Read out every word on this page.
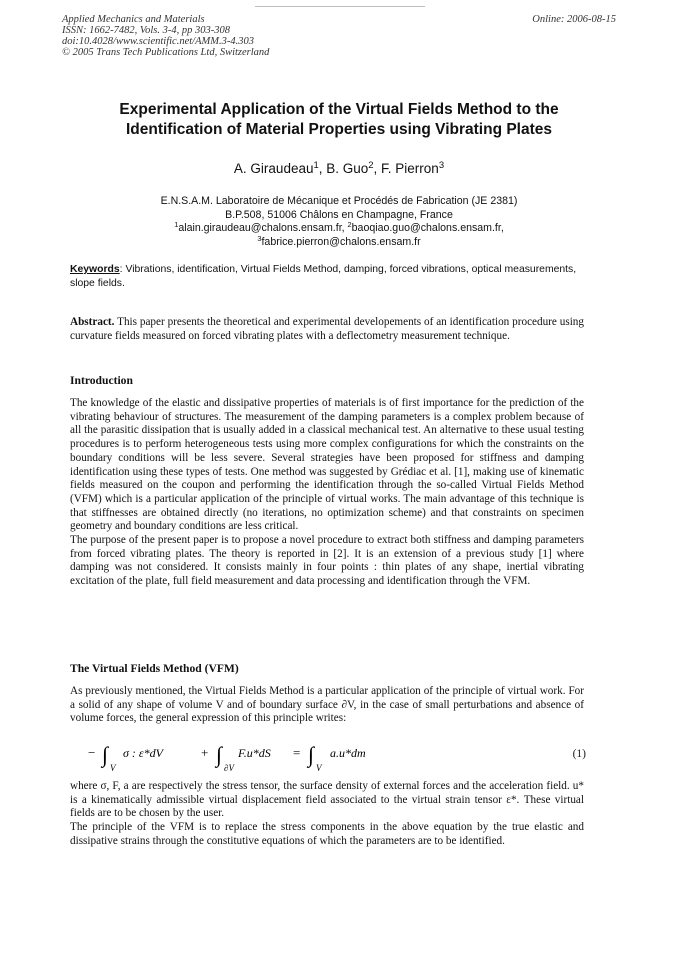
Applied Mechanics and Materials
ISSN: 1662-7482, Vols. 3-4, pp 303-308
doi:10.4028/www.scientific.net/AMM.3-4.303
© 2005 Trans Tech Publications Ltd, Switzerland
Online: 2006-08-15
Experimental Application of the Virtual Fields Method to the
Identification of Material Properties using Vibrating Plates
A. Giraudeau$^1$, B. Guo$^2$, F. Pierron$^3$
E.N.S.A.M. Laboratoire de Mécanique et Procédés de Fabrication (JE 2381)
B.P.508, 51006 Châlons en Champagne, France
$^1$alain.giraudeau@chalons.ensam.fr, $^2$baoqiao.guo@chalons.ensam.fr,
$^3$fabrice.pierron@chalons.ensam.fr
Keywords: Vibrations, identification, Virtual Fields Method, damping, forced vibrations, optical measurements, slope fields.
Abstract. This paper presents the theoretical and experimental developements of an identification procedure using curvature fields measured on forced vibrating plates with a deflectometry measurement technique.
Introduction

The knowledge of the elastic and dissipative properties of materials is of first importance for the prediction of the vibrating behaviour of structures. The measurement of the damping parameters is a complex problem because of all the parasitic dissipation that is usually added in a classical mechanical test. An alternative to these usual testing procedures is to perform heterogeneous tests using more complex configurations for which the constraints on the boundary conditions will be less severe. Several strategies have been proposed for stiffness and damping identification using these types of tests. One method was suggested by Grédiac et al. [1], making use of kinematic fields measured on the coupon and performing the identification through the so-called Virtual Fields Method (VFM) which is a particular application of the principle of virtual works. The main advantage of this technique is that stiffnesses are obtained directly (no iterations, no optimization scheme) and that constraints on specimen geometry and boundary conditions are less critical.

The purpose of the present paper is to propose a novel procedure to extract both stiffness and damping parameters from forced vibrating plates. The theory is reported in [2]. It is an extension of a previous study [1] where damping was not considered. It consists mainly in four points : thin plates of any shape, inertial vibrating excitation of the plate, full field measurement and data processing and identification through the VFM.

The Virtual Fields Method (VFM)

As previously mentioned, the Virtual Fields Method is a particular application of the principle of virtual work. For a solid of any shape of volume V and of boundary surface ∂V, in the case of small perturbations and absence of volume forces, the general expression of this principle writes:

− ∫
V
σ : ε*dV	+ ∫
∂V
F.u*dS = ∫
V
a.u*dm	(1)

where σ, F, a are respectively the stress tensor, the surface density of external forces and the acceleration field. u* is a kinematically admissible virtual displacement field associated to the virtual strain tensor ε*. These virtual fields are to be chosen by the user.

The principle of the VFM is to replace the stress components in the above equation by the true elastic and dissipative strains through the constitutive equations of which the parameters are to be identified.
